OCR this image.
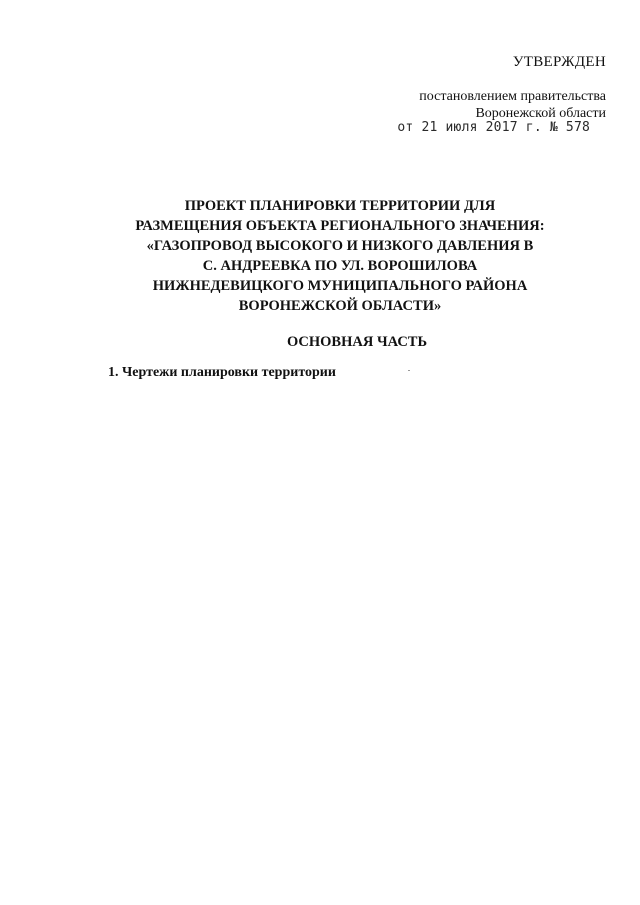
УТВЕРЖДЕН
постановлением правительства
Воронежской области
от 21 июля 2017 г. № 578
ПРОЕКТ ПЛАНИРОВКИ ТЕРРИТОРИИ ДЛЯ
РАЗМЕЩЕНИЯ ОБЪЕКТА РЕГИОНАЛЬНОГО ЗНАЧЕНИЯ:
«ГАЗОПРОВОД ВЫСОКОГО И НИЗКОГО ДАВЛЕНИЯ В
С. АНДРЕЕВКА ПО УЛ. ВОРОШИЛОВА
НИЖНЕДЕВИЦКОГО МУНИЦИПАЛЬНОГО РАЙОНА
ВОРОНЕЖСКОЙ ОБЛАСТИ»
ОСНОВНАЯ ЧАСТЬ
1. Чертежи планировки территории
